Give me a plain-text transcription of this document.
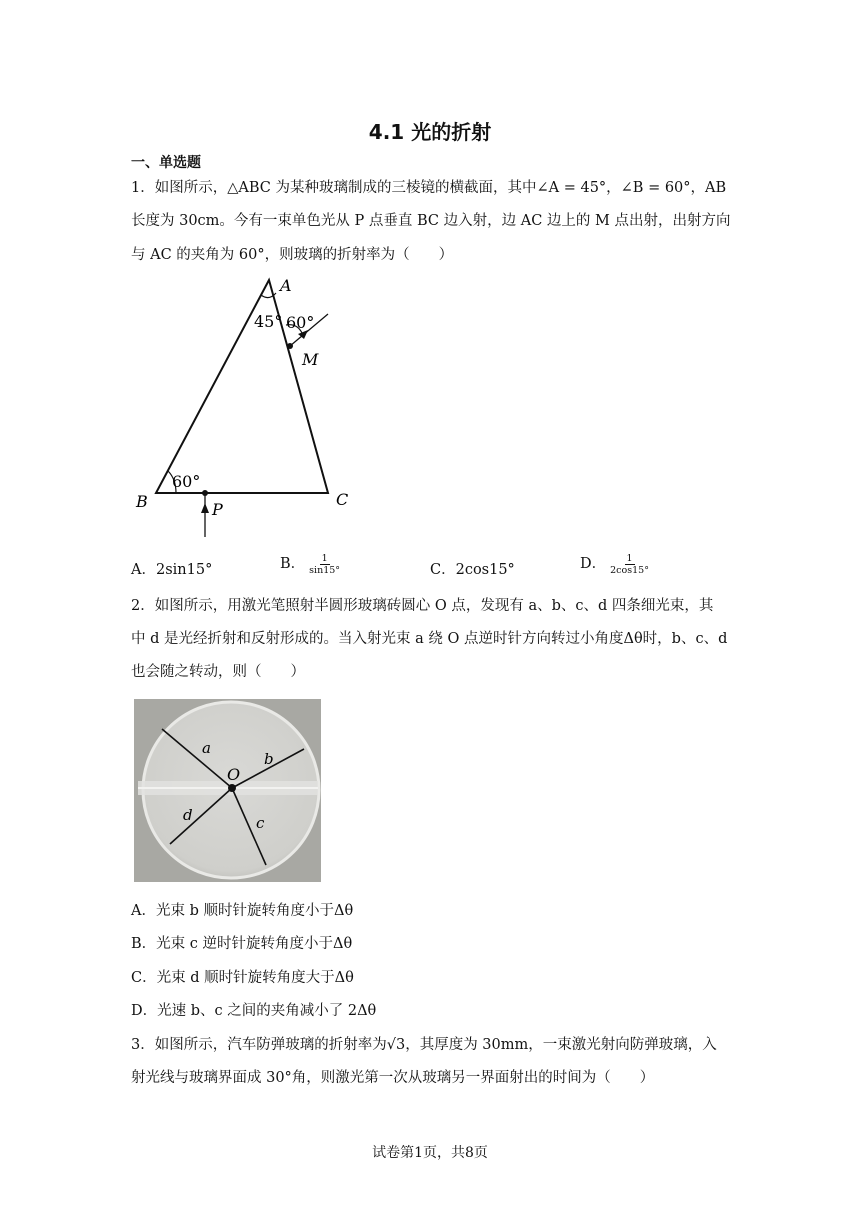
4.1 光的折射
一、单选题
1．如图所示，△ABC 为某种玻璃制成的三棱镜的横截面，其中∠A = 45°，∠B = 60°，AB
长度为 30cm。今有一束单色光从 P 点垂直 BC 边入射，边 AC 边上的 M 点出射，出射方向
与 AC 的夹角为 60°，则玻璃的折射率为（　　）
A
45° 60°
M
60°
B	C
P
A．2sin15°	B． $\frac{1}{\sin 15^\circ}$	C．2cos15°	D． $\frac{1}{2\cos 15^\circ}$
2．如图所示，用激光笔照射半圆形玻璃砖圆心 O 点，发现有 a、b、c、d 四条细光束，其
中 d 是光经折射和反射形成的。当入射光束 a 绕 O 点逆时针方向转过小角度Δθ时，b、c、d
也会随之转动，则（　　）
a
b
O
d	c
A．光束 b 顺时针旋转角度小于Δθ
B．光束 c 逆时针旋转角度小于Δθ
C．光束 d 顺时针旋转角度大于Δθ
D．光速 b、c 之间的夹角减小了 2Δθ
3．如图所示，汽车防弹玻璃的折射率为√3，其厚度为 30mm，一束激光射向防弹玻璃，入
射光线与玻璃界面成 30°角，则激光第一次从玻璃另一界面射出的时间为（　　）
试卷第1页，共8页
